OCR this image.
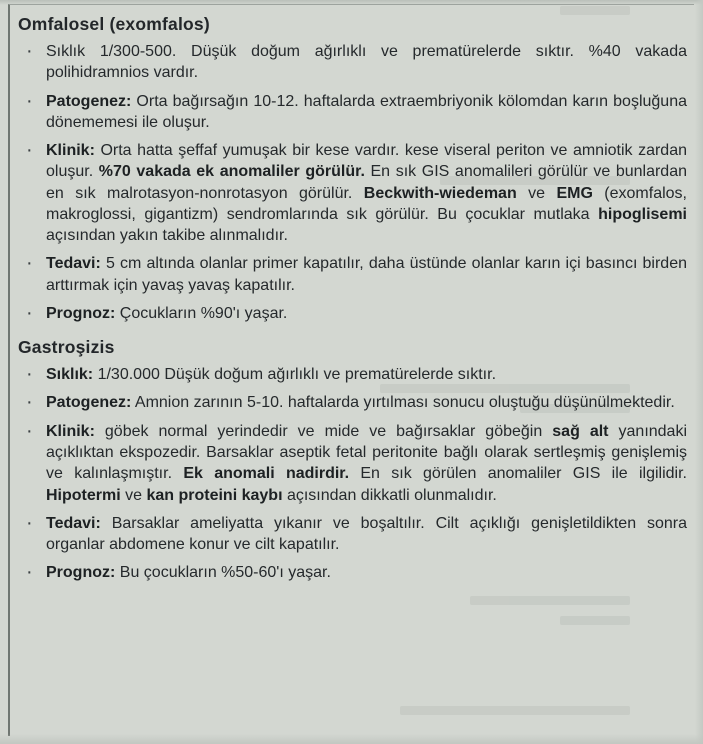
Omfalosel (exomfalos)
· Sıklık 1/300-500. Düşük doğum ağırlıklı ve prematürelerde sıktır. %40 vakada polihidramnios vardır.
· Patogenez: Orta bağırsağın 10-12. haftalarda extraembriyonik kölomdan karın boşluğuna dönememesi ile oluşur.
· Klinik: Orta hatta şeffaf yumuşak bir kese vardır. kese viseral periton ve amniotik zardan oluşur. %70 vakada ek anomaliler görülür. En sık GIS anomalileri görülür ve bunlardan en sık malrotasyon-nonrotasyon görülür. Beckwith-wiedeman ve EMG (exomfalos, makroglossi, gigantizm) sendromlarında sık görülür. Bu çocuklar mutlaka hipoglisemi açısından yakın takibe alınmalıdır.
· Tedavi: 5 cm altında olanlar primer kapatılır, daha üstünde olanlar karın içi basıncı birden arttırmak için yavaş yavaş kapatılır.
· Prognoz: Çocukların %90'ı yaşar.
Gastroşizis
· Sıklık: 1/30.000 Düşük doğum ağırlıklı ve prematürelerde sıktır.
· Patogenez: Amnion zarının 5-10. haftalarda yırtılması sonucu oluştuğu düşünülmektedir.
· Klinik: göbek normal yerindedir ve mide ve bağırsaklar göbeğin sağ alt yanındaki açıklıktan ekspozedir. Barsaklar aseptik fetal peritonite bağlı olarak sertleşmiş genişlemiş ve kalınlaşmıştır. Ek anomali nadirdir. En sık görülen anomaliler GIS ile ilgilidir. Hipotermi ve kan proteini kaybı açısından dikkatli olunmalıdır.
· Tedavi: Barsaklar ameliyatta yıkanır ve boşaltılır. Cilt açıklığı genişletildikten sonra organlar abdomene konur ve cilt kapatılır.
· Prognoz: Bu çocukların %50-60'ı yaşar.
